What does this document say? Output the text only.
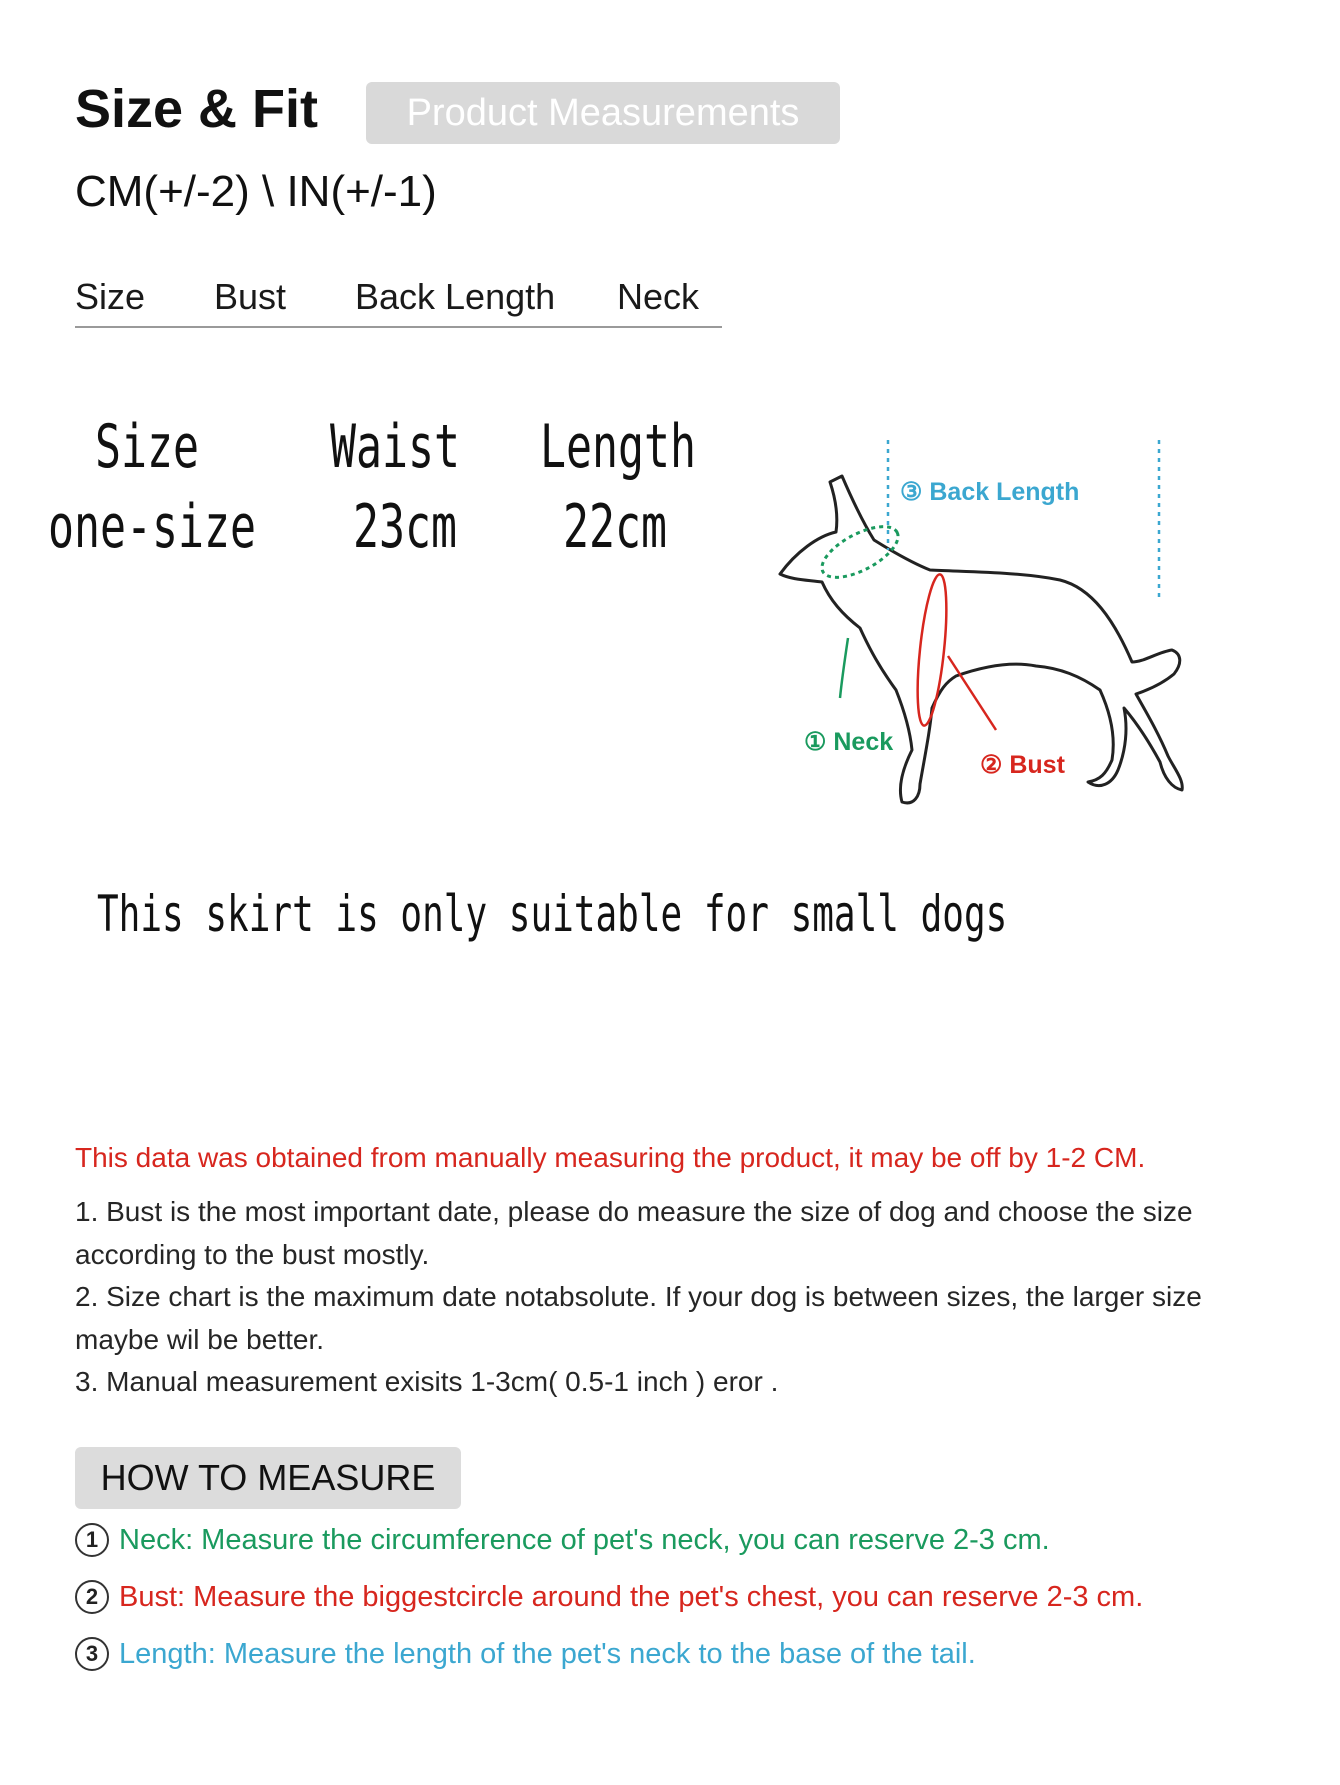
Size & Fit	Product Measurements
CM(+/-2) \ IN(+/-1)
Size Bust Back Length Neck
Size Waist Length
one-size 23cm 22cm
① Neck
② Bust
③ Back Length
This skirt is only suitable for small dogs
This data was obtained from manually measuring the product, it may be off by 1-2 CM.
1. Bust is the most important date, please do measure the size of dog and choose the size according to the bust mostly.
2. Size chart is the maximum date notabsolute. If your dog is between sizes, the larger size maybe wil be better.
3. Manual measurement exisits 1-3cm( 0.5-1 inch ) eror .
HOW TO MEASURE
1 Neck: Measure the circumference of pet's neck, you can reserve 2-3 cm.
2 Bust: Measure the biggestcircle around the pet's chest, you can reserve 2-3 cm.
3 Length: Measure the length of the pet's neck to the base of the tail.
